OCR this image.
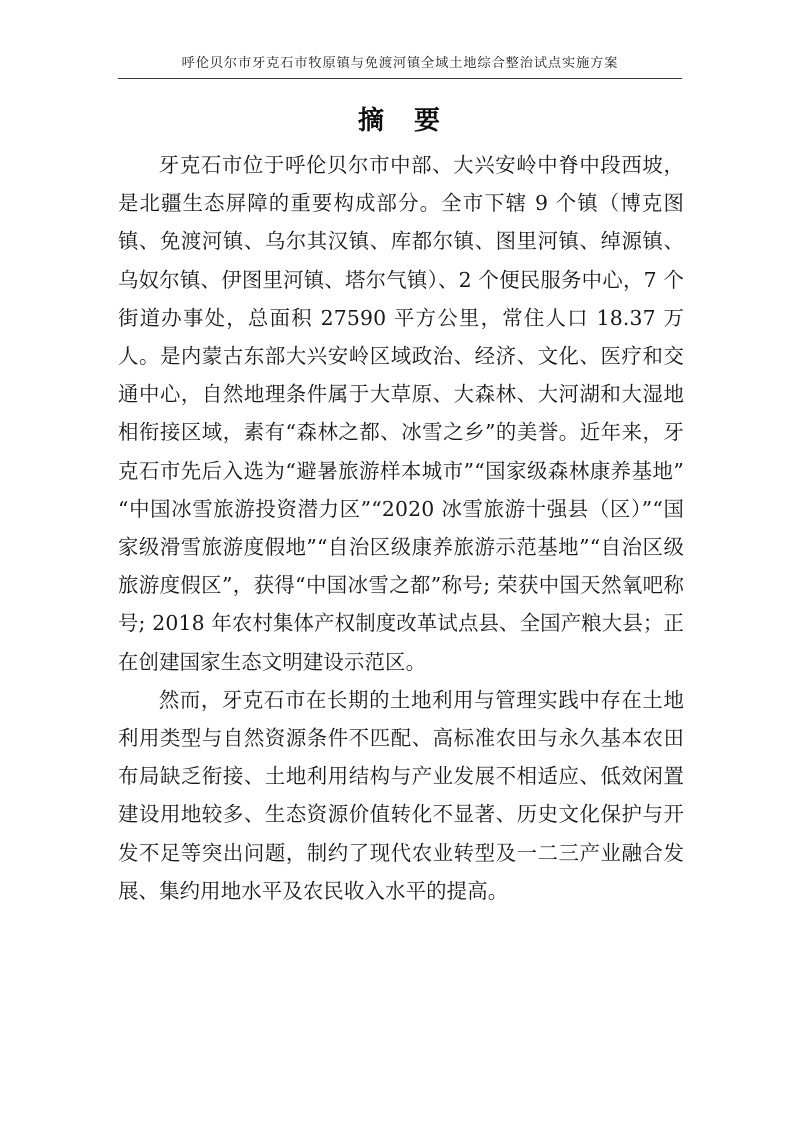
呼伦贝尔市牙克石市牧原镇与免渡河镇全域土地综合整治试点实施方案
摘　要

牙克石市位于呼伦贝尔市中部、大兴安岭中脊中段西坡，是北疆生态屏障的重要构成部分。全市下辖 9 个镇（博克图镇、免渡河镇、乌尔其汉镇、库都尔镇、图里河镇、绰源镇、乌奴尔镇、伊图里河镇、塔尔气镇）、2 个便民服务中心，7 个街道办事处，总面积 27590 平方公里，常住人口 18.37 万人。是内蒙古东部大兴安岭区域政治、经济、文化、医疗和交通中心，自然地理条件属于大草原、大森林、大河湖和大湿地相衔接区域，素有“森林之都、冰雪之乡”的美誉。近年来，牙克石市先后入选为“避暑旅游样本城市”“国家级森林康养基地”“中国冰雪旅游投资潜力区”“2020 冰雪旅游十强县（区）”“国家级滑雪旅游度假地”“自治区级康养旅游示范基地”“自治区级旅游度假区”，获得“中国冰雪之都”称号; 荣获中国天然氧吧称号; 2018 年农村集体产权制度改革试点县、全国产粮大县；正在创建国家生态文明建设示范区。

然而，牙克石市在长期的土地利用与管理实践中存在土地利用类型与自然资源条件不匹配、高标准农田与永久基本农田布局缺乏衔接、土地利用结构与产业发展不相适应、低效闲置建设用地较多、生态资源价值转化不显著、历史文化保护与开发不足等突出问题，制约了现代农业转型及一二三产业融合发展、集约用地水平及农民收入水平的提高。
